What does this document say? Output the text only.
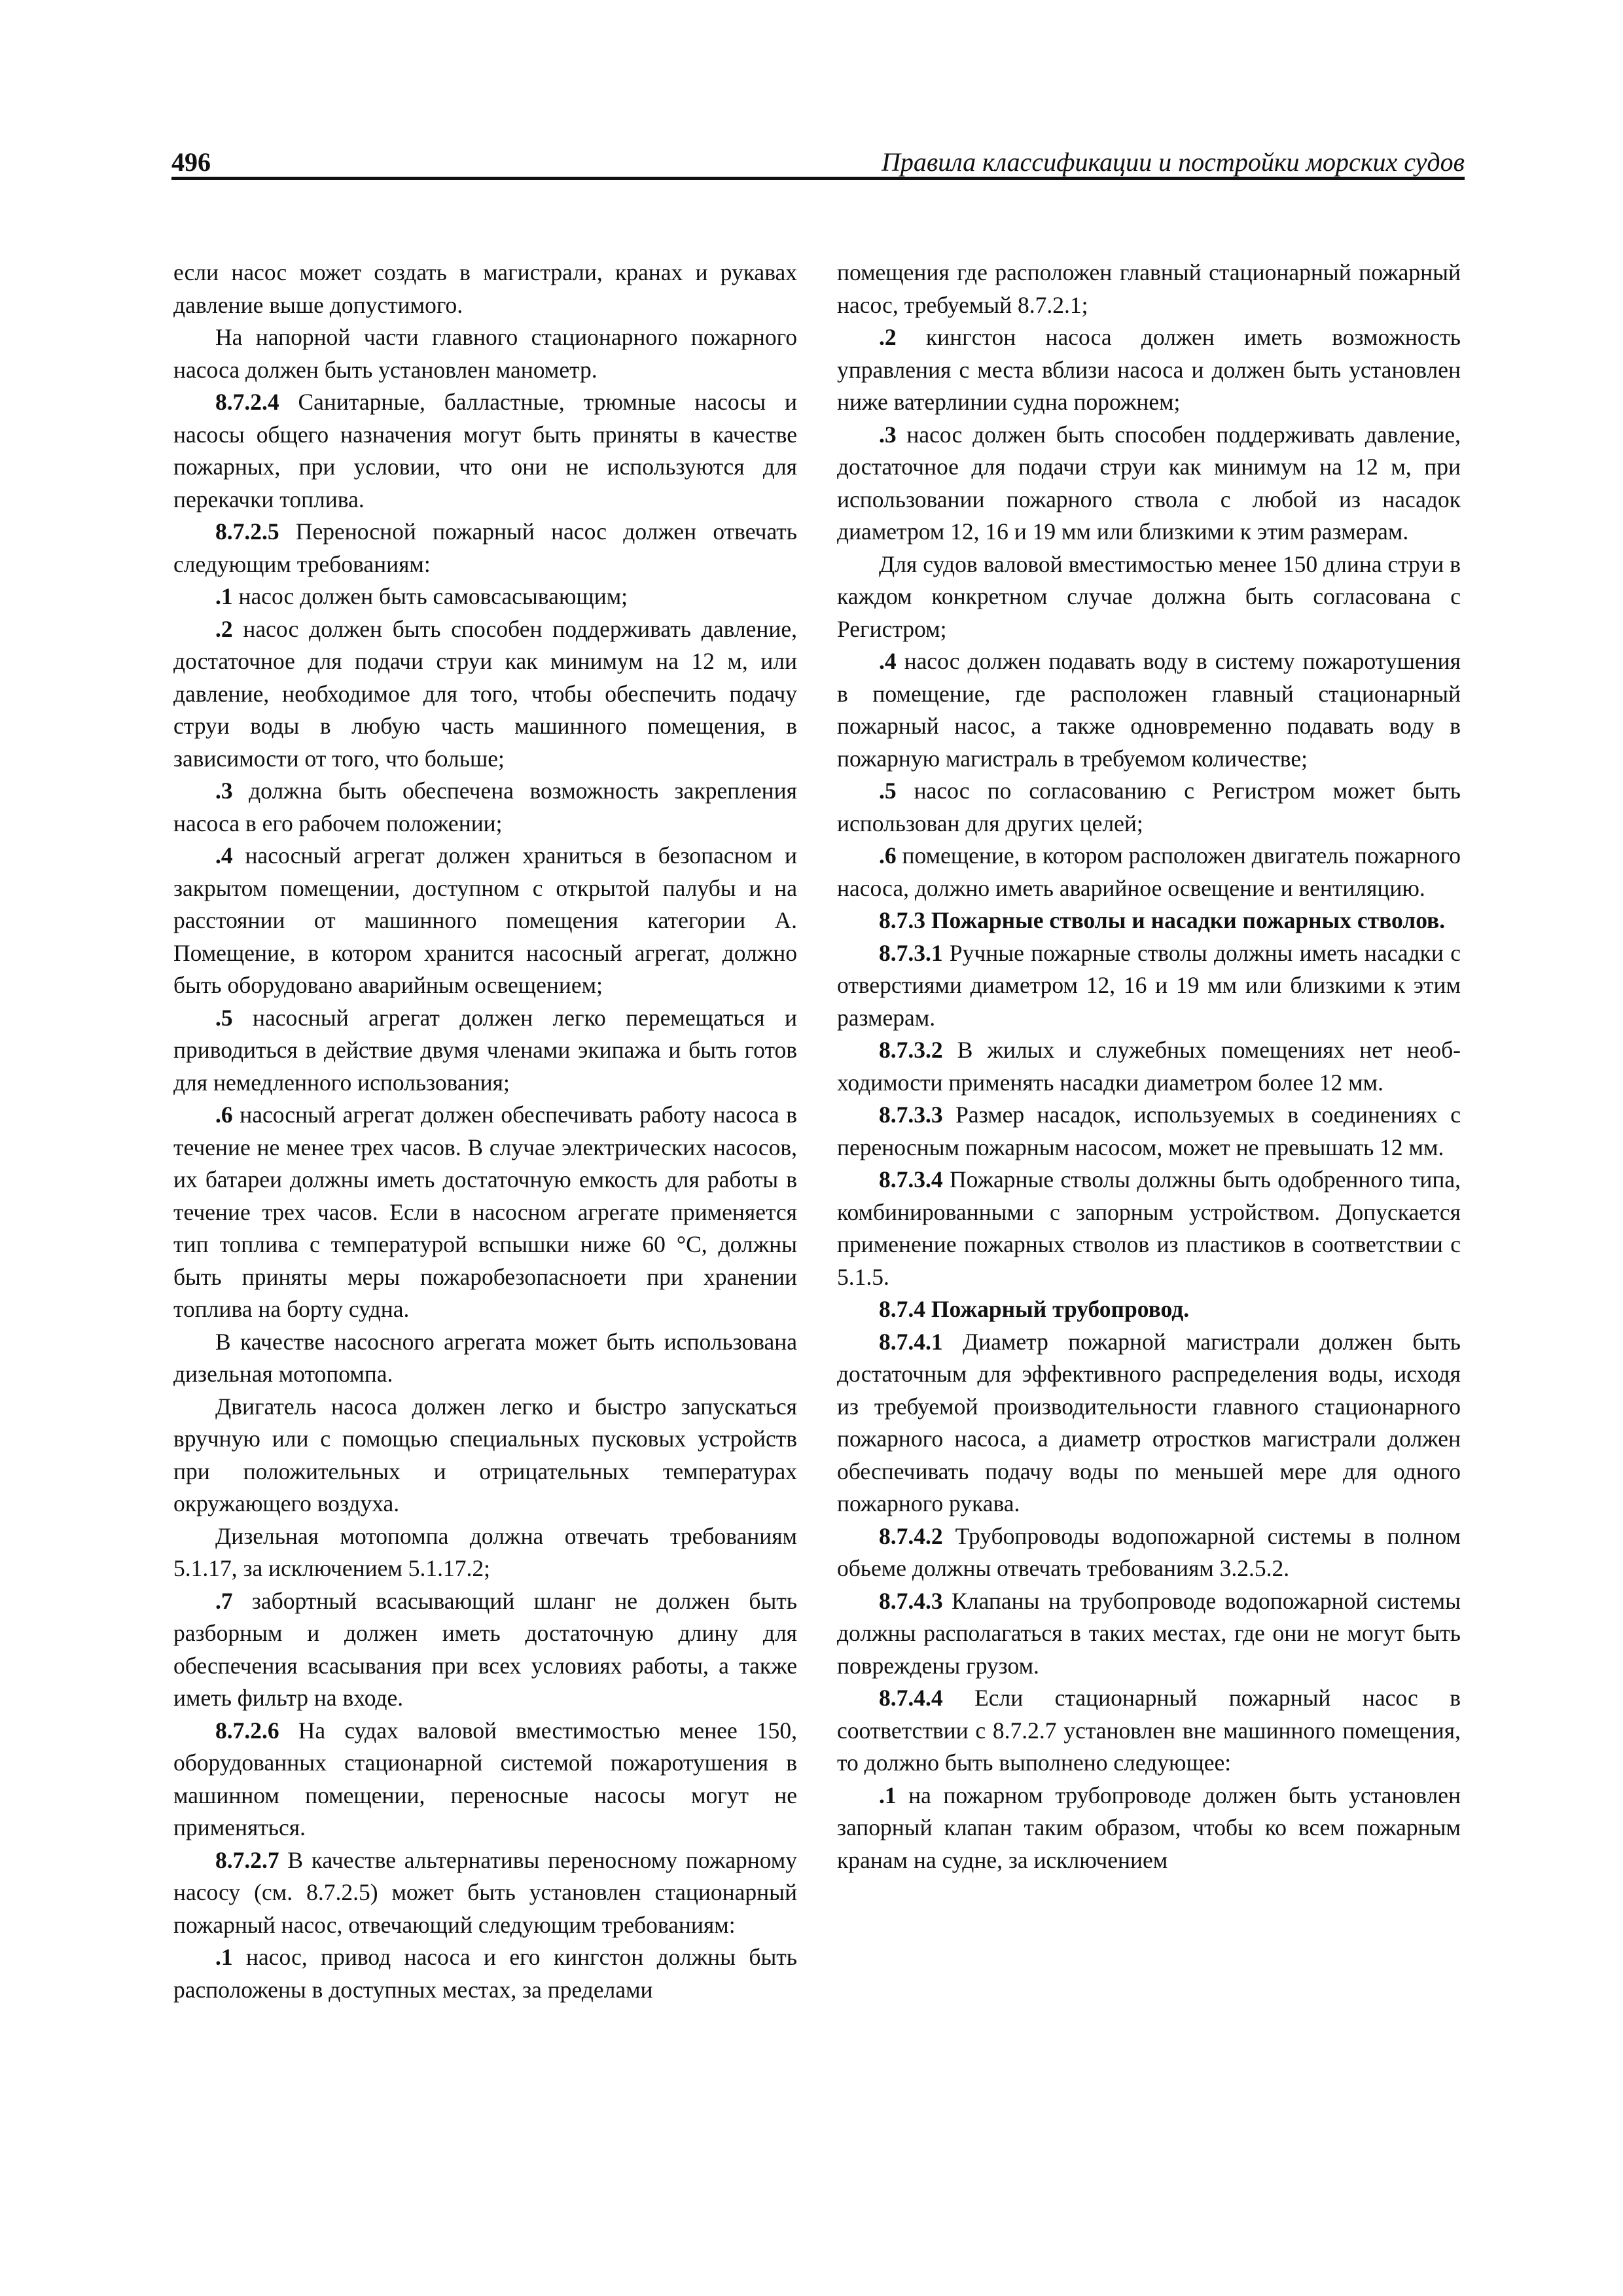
496	Правила классификации и постройки морских судов

если насос может создать в магистрали, кранах и рукавах давление выше допустимого.

На напорной части главного стационарного пожарного насоса должен быть установлен манометр.

8.7.2.4 Санитарные, балластные, трюмные насосы и насосы общего назначения могут быть приняты в качестве пожарных, при условии, что они не используются для перекачки топлива.

8.7.2.5 Переносной пожарный насос должен отвечать следующим требованиям:

.1 насос должен быть самовсасывающим;

.2 насос должен быть способен поддерживать давление, достаточное для подачи струи как минимум на 12 м, или давление, необходимое для того, чтобы обеспечить подачу струи воды в любую часть машинного помещения, в зависимости от того, что больше;

.3 должна быть обеспечена возможность закрепления насоса в его рабочем положении;

.4 насосный агрегат должен храниться в безопасном и закрытом помещении, доступном с открытой палубы и на расстоянии от машинного помещения категории А. Помещение, в котором хранится насосный агрегат, должно быть оборудовано аварийным освещением;

.5 насосный агрегат должен легко перемещаться и приводиться в действие двумя членами экипажа и быть готов для немедленного использования;

.6 насосный агрегат должен обеспечивать работу насоса в течение не менее трех часов. В случае электрических насосов, их батареи должны иметь достаточную емкость для работы в течение трех часов. Если в насосном агрегате применяется тип топлива с температурой вспышки ниже 60 °С, должны быть приняты меры пожаробезопасноети при хранении топлива на борту судна.

В качестве насосного агрегата может быть использована дизельная мотопомпа.

Двигатель насоса должен легко и быстро запускаться вручную или с помощью специальных пусковых устройств при положительных и отрицательных температурах окружающего воздуха.

Дизельная мотопомпа должна отвечать требованиям 5.1.17, за исключением 5.1.17.2;

.7 забортный всасывающий шланг не должен быть разборным и должен иметь достаточную длину для обеспечения всасывания при всех условиях работы, а также иметь фильтр на входе.

8.7.2.6 На судах валовой вместимостью менее 150, оборудованных стационарной системой пожаротушения в машинном помещении, переносные насосы могут не применяться.

8.7.2.7 В качестве альтернативы переносному пожарному насосу (см. 8.7.2.5) может быть установлен стационарный пожарный насос, отвечающий следующим требованиям:

.1 насос, привод насоса и его кингстон должны быть расположены в доступных местах, за пределами

помещения где расположен главный стационарный пожарный насос, требуемый 8.7.2.1;

.2 кингстон насоса должен иметь возможность управления с места вблизи насоса и должен быть установлен ниже ватерлинии судна порожнем;

.3 насос должен быть способен поддерживать давление, достаточное для подачи струи как минимум на 12 м, при использовании пожарного ствола с любой из насадок диаметром 12, 16 и 19 мм или близкими к этим размерам.

Для судов валовой вместимостью менее 150 длина струи в каждом конкретном случае должна быть согласована с Регистром;

.4 насос должен подавать воду в систему пожаротушения в помещение, где расположен главный стационарный пожарный насос, а также одновременно подавать воду в пожарную магистраль в требуемом количестве;

.5 насос по согласованию с Регистром может быть использован для других целей;

.6 помещение, в котором расположен двигатель пожарного насоса, должно иметь аварийное освещение и вентиляцию.

8.7.3 Пожарные стволы и насадки пожарных стволов.

8.7.3.1 Ручные пожарные стволы должны иметь насадки с отверстиями диаметром 12, 16 и 19 мм или близкими к этим размерам.

8.7.3.2 В жилых и служебных помещениях нет необходимости применять насадки диаметром более 12 мм.

8.7.3.3 Размер насадок, используемых в соединениях с переносным пожарным насосом, может не превышать 12 мм.

8.7.3.4 Пожарные стволы должны быть одобренного типа, комбинированными с запорным устройством. Допускается применение пожарных стволов из пластиков в соответствии с 5.1.5.

8.7.4 Пожарный трубопровод.

8.7.4.1 Диаметр пожарной магистрали должен быть достаточным для эффективного распределения воды, исходя из требуемой производительности главного стационарного пожарного насоса, а диаметр отростков магистрали должен обеспечивать подачу воды по меньшей мере для одного пожарного рукава.

8.7.4.2 Трубопроводы водопожарной системы в полном обьеме должны отвечать требованиям 3.2.5.2.

8.7.4.3 Клапаны на трубопроводе водопожарной системы должны располагаться в таких местах, где они не могут быть повреждены грузом.

8.7.4.4 Если стационарный пожарный насос в соответствии с 8.7.2.7 установлен вне машинного помещения, то должно быть выполнено следующее:

.1 на пожарном трубопроводе должен быть установлен запорный клапан таким образом, чтобы ко всем пожарным кранам на судне, за исключением
